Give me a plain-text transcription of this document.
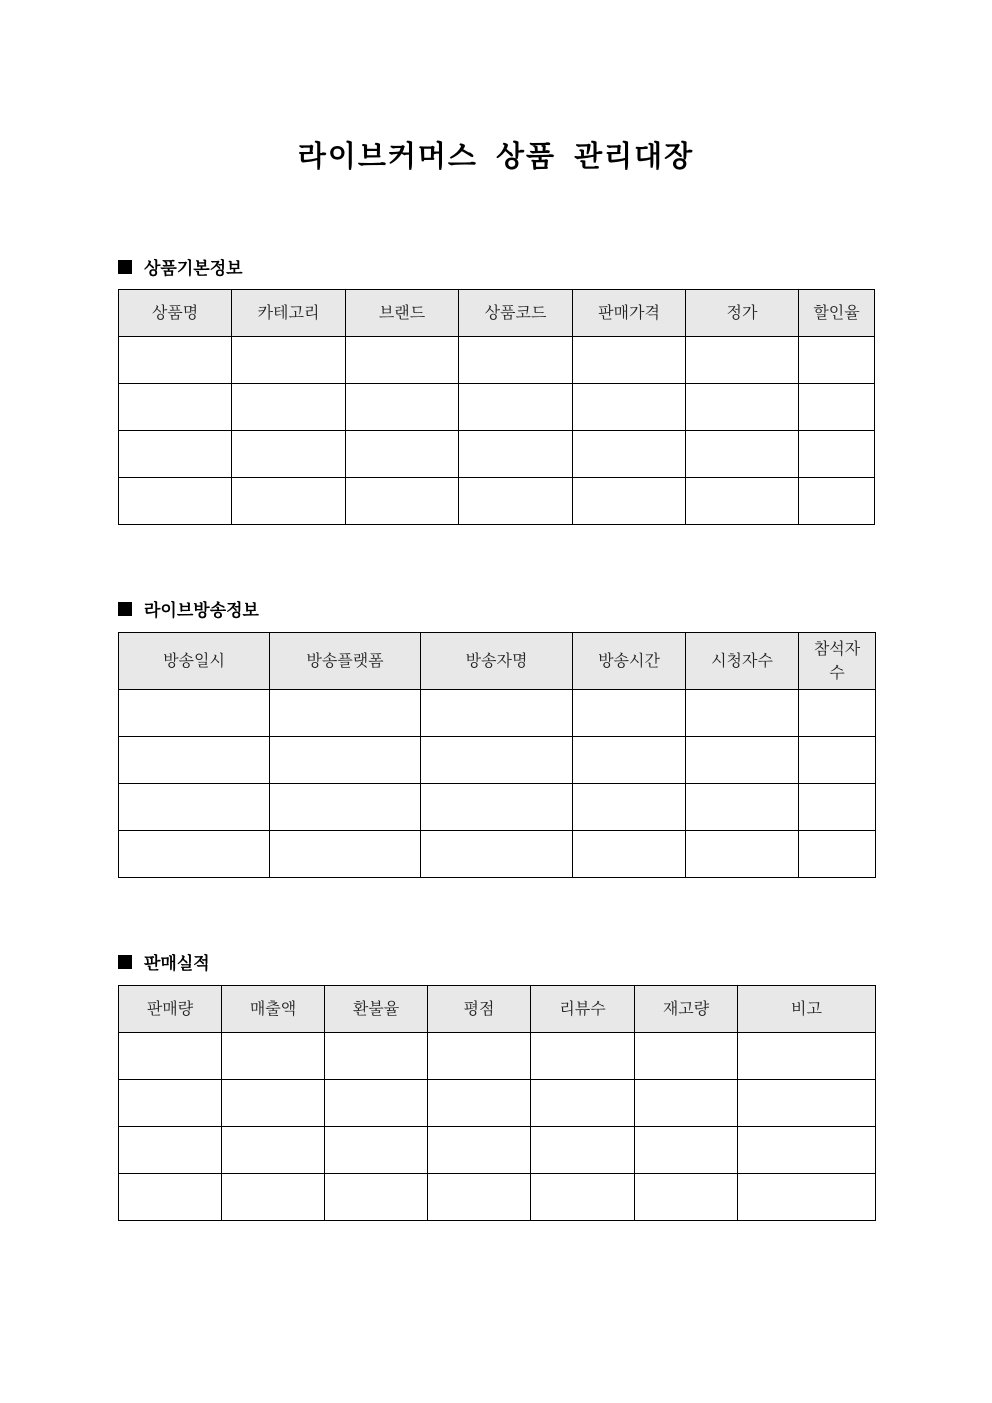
라이브커머스 상품 관리대장
상품기본정보
상품명	카테고리	브랜드	상품코드	판매가격	정가	할인율

라이브방송정보
방송일시	방송플랫폼	방송자명	방송시간	시청자수	참석자수

판매실적
판매량	매출액	환불율	평점	리뷰수	재고량	비고
